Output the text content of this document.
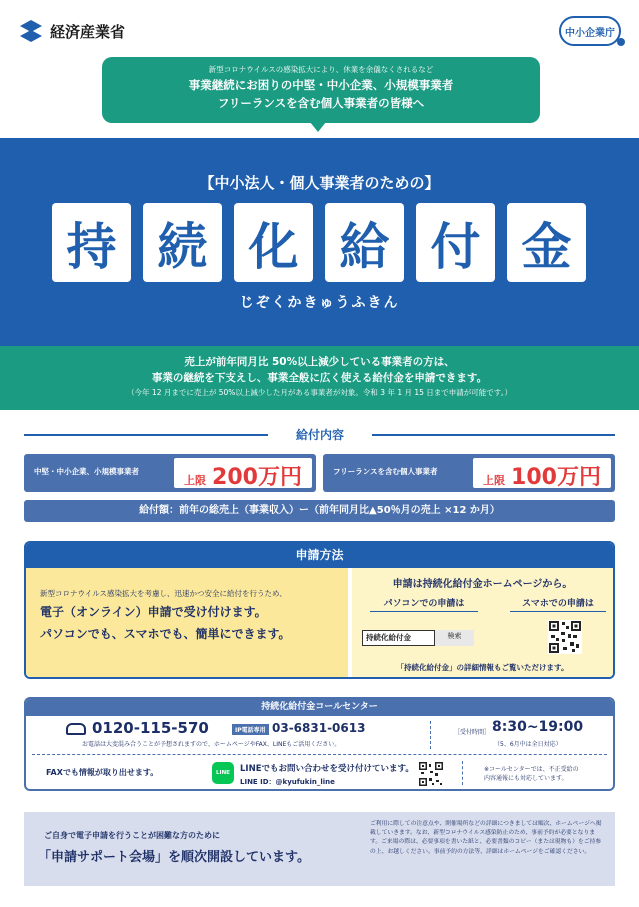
経済産業省	中小企業庁
新型コロナウイルスの感染拡大により、休業を余儀なくされるなど
事業継続にお困りの中堅・中小企業、小規模事業者
フリーランスを含む個人事業者の皆様へ
【中小法人・個人事業者のための】
持 続 化 給 付 金
じぞくかきゅうふきん
売上が前年同月比 50%以上減少している事業者の方は、
事業の継続を下支えし、事業全般に広く使える給付金を申請できます。
（今年 12 月までに売上が 50%以上減少した月がある事業者が対象。令和 3 年 1 月 15 日まで申請が可能です。）
給付内容
中堅・中小企業、小規模事業者
上限 200万円	フリーランスを含む個人事業者
上限 100万円
給付額：前年の総売上（事業収入）ー（前年同月比▲50％月の売上 ×12 か月）
申請方法
新型コロナウイルス感染拡大を考慮し、迅速かつ安全に給付を行うため、
電子（オンライン）申請で受け付けます。
パソコンでも、スマホでも、簡単にできます。
申請は持続化給付金ホームページから。
パソコンでの申請は	スマホでの申請は
持続化給付金	検索
「持続化給付金」の詳細情報もご覧いただけます。
持続化給付金コールセンター
0120-115-570	IP電話専用 03-6831-0613
お電話は大変混み合うことが予想されますので、ホームページやFAX、LINEもご活用ください。
［受付時間］ 8:30~19:00
（5、6月中は全日対応）
FAXでも情報が取り出せます。	LINE	LINEでもお問い合わせを受け付けています。
LINE ID：@kyufukin_line
※コールセンターでは、不正受給の
内容通報にも対応しています。
ご自身で電子申請を行うことが困難な方のために
「申請サポート会場」を順次開設しています。
ご利用に際しての注意点や、開催場所などの詳細につきましては順次、ホームページへ掲載していきます。なお、新型コロナウイルス感染防止のため、事前予約が必要となります。ご来場の際は、必要事項を書いた紙と、必要書類のコピー（または現物も）をご持参の上、お越しください。事前予約の方法等、詳細はホームページをご確認ください。
